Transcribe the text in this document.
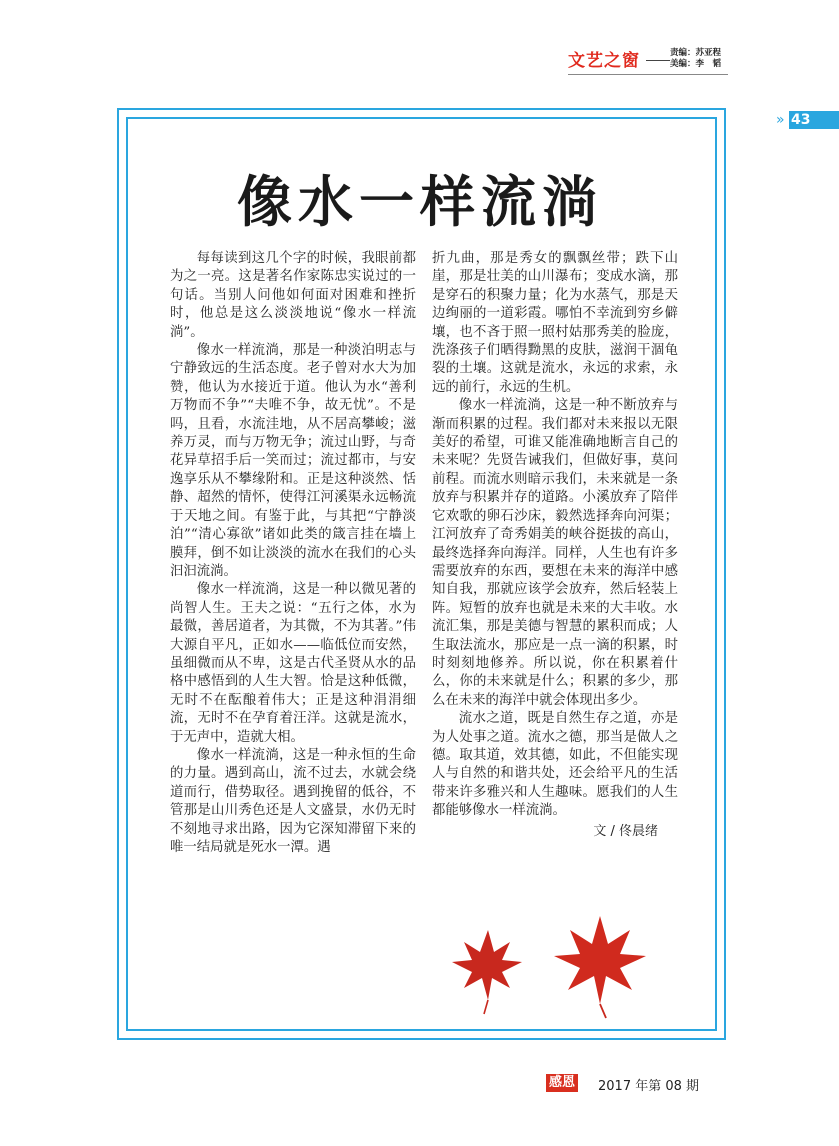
文艺之窗	责编：苏亚程
美编：李　韬
» 43
像水一样流淌

每每读到这几个字的时候，我眼前都为之一亮。这是著名作家陈忠实说过的一句话。当别人问他如何面对困难和挫折时，他总是这么淡淡地说“像水一样流淌”。

像水一样流淌，那是一种淡泊明志与宁静致远的生活态度。老子曾对水大为加赞，他认为水接近于道。他认为水“善利万物而不争”“夫唯不争，故无忧”。不是吗，且看，水流洼地，从不居高攀峻；滋养万灵，而与万物无争；流过山野，与奇花异草招手后一笑而过；流过都市，与安逸享乐从不攀缘附和。正是这种淡然、恬静、超然的情怀，使得江河溪渠永远畅流于天地之间。有鉴于此，与其把“宁静淡泊”“清心寡欲”诸如此类的箴言挂在墙上膜拜，倒不如让淡淡的流水在我们的心头汩汩流淌。

像水一样流淌，这是一种以微见著的尚智人生。王夫之说：“五行之体，水为最微，善居道者，为其微，不为其著。”伟大源自平凡，正如水——临低位而安然，虽细微而从不卑，这是古代圣贤从水的品格中感悟到的人生大智。恰是这种低微，无时不在酝酿着伟大；正是这种涓涓细流，无时不在孕育着汪洋。这就是流水，于无声中，造就大相。

像水一样流淌，这是一种永恒的生命的力量。遇到高山，流不过去，水就会绕道而行，借势取径。遇到挽留的低谷，不管那是山川秀色还是人文盛景，水仍无时不刻地寻求出路，因为它深知滞留下来的唯一结局就是死水一潭。遇

折九曲，那是秀女的飘飘丝带；跌下山崖，那是壮美的山川瀑布；变成水滴，那是穿石的积聚力量；化为水蒸气，那是天边绚丽的一道彩霞。哪怕不幸流到穷乡僻壤，也不吝于照一照村姑那秀美的脸庞，洗涤孩子们晒得黝黑的皮肤，滋润干涸龟裂的土壤。这就是流水，永远的求索，永远的前行，永远的生机。

像水一样流淌，这是一种不断放弃与渐而积累的过程。我们都对未来报以无限美好的希望，可谁又能准确地断言自己的未来呢？先贤告诫我们，但做好事，莫问前程。而流水则暗示我们，未来就是一条放弃与积累并存的道路。小溪放弃了陪伴它欢歌的卵石沙床，毅然选择奔向河渠；江河放弃了奇秀娟美的峡谷挺拔的高山，最终选择奔向海洋。同样，人生也有许多需要放弃的东西，要想在未来的海洋中感知自我，那就应该学会放弃，然后轻装上阵。短暂的放弃也就是未来的大丰收。水流汇集，那是美德与智慧的累积而成；人生取法流水，那应是一点一滴的积累，时时刻刻地修养。所以说，你在积累着什么，你的未来就是什么；积累的多少，那么在未来的海洋中就会体现出多少。

流水之道，既是自然生存之道，亦是为人处事之道。流水之德，那当是做人之德。取其道，效其德，如此，不但能实现人与自然的和谐共处，还会给平凡的生活带来许多雅兴和人生趣味。愿我们的人生都能够像水一样流淌。

文 / 佟晨绪
感恩 2017 年第 08 期
